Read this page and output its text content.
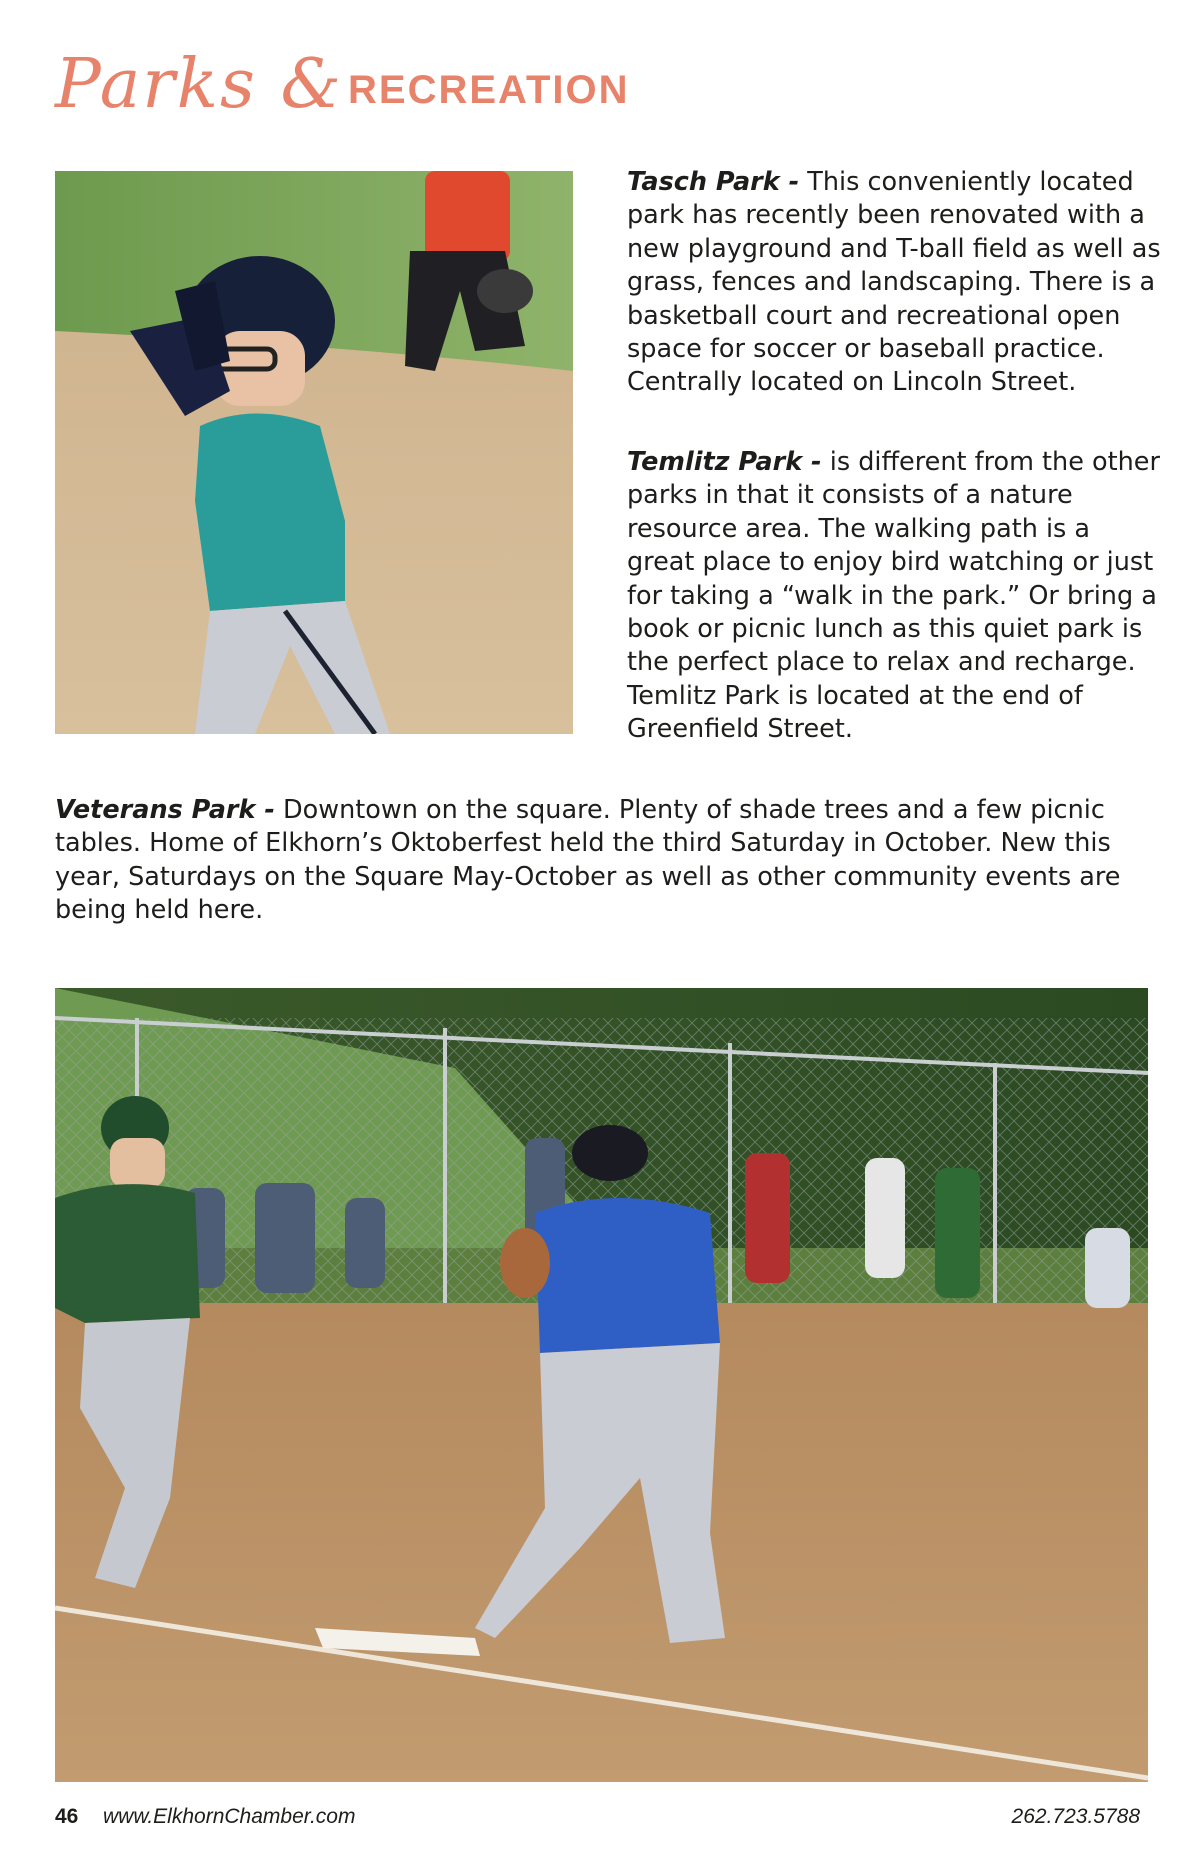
Parks & RECREATION
Tasch Park - This conveniently located park has recently been renovated with a new playground and T-ball field as well as grass, fences and landscaping. There is a basketball court and recreational open space for soccer or baseball practice. Centrally located on Lincoln Street.
Temlitz Park - is different from the other parks in that it consists of a nature resource area. The walking path is a great place to enjoy bird watching or just for taking a “walk in the park.” Or bring a book or picnic lunch as this quiet park is the perfect place to relax and recharge. Temlitz Park is located at the end of Greenfield Street.
Veterans Park - Downtown on the square. Plenty of shade trees and a few picnic tables. Home of Elkhorn’s Oktoberfest held the third Saturday in October. New this year, Saturdays on the Square May-October as well as other community events are being held here.
46 www.ElkhornChamber.com	262.723.5788
